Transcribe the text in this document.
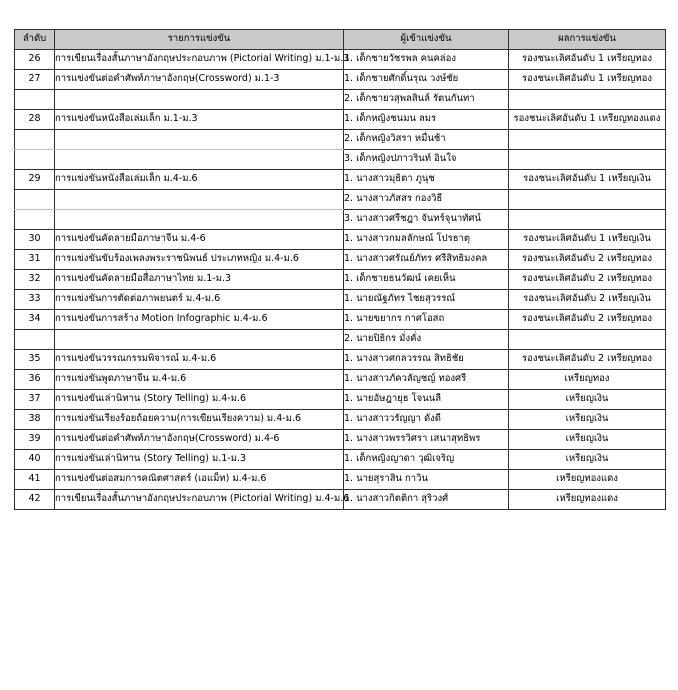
ลำดับ	รายการแข่งขัน	ผู้เข้าแข่งขัน	ผลการแข่งขัน
26	การเขียนเรื่องสั้นภาษาอังกฤษประกอบภาพ (Pictorial Writing) ม.1-ม.3	1. เด็กชายวัชรพล คนคล่อง	รองชนะเลิศอันดับ 1 เหรียญทอง
27	การแข่งขันต่อคำศัพท์ภาษาอังกฤษ(Crossword) ม.1-3	1. เด็กชายศักดิ์นรุณ วงษ์ชัย	รองชนะเลิศอันดับ 1 เหรียญทอง
		2. เด็กชายวสุพลสินล์ รัตนกันทา	
28	การแข่งขันหนังสือเล่มเล็ก ม.1-ม.3	1. เด็กหญิงชนมน ลมร	รองชนะเลิศอันดับ 1 เหรียญทองแดง
		2. เด็กหญิงวิสรา หมื่นช้า	
		3. เด็กหญิงปภาวรินท์ อินใจ	
29	การแข่งขันหนังสือเล่มเล็ก ม.4-ม.6	1. นางสาวมุธิตา ภูนุช	รองชนะเลิศอันดับ 1 เหรียญเงิน
		2. นางสาวภัสสร กองวิธี	
		3. นางสาวศรีชฎา จันทร์จุนาทัศน์	
30	การแข่งขันคัดลายมือภาษาจีน ม.4-6	1. นางสาวกมลลักษณ์ โปรธาตุ	รองชนะเลิศอันดับ 1 เหรียญเงิน
31	การแข่งขันขับร้องเพลงพระราชนิพนธ์ ประเภทหญิง ม.4-ม.6	1. นางสาวศรัณย์ภัทร ศรีสิทธิมงคล	รองชนะเลิศอันดับ 2 เหรียญทอง
32	การแข่งขันคัดลายมือสื่อภาษาไทย ม.1-ม.3	1. เด็กชายธนวัฒน์ เคยเห็น	รองชนะเลิศอันดับ 2 เหรียญทอง
33	การแข่งขันการตัดต่อภาพยนตร์ ม.4-ม.6	1. นายณัฐภัทร ไชยสุวรรณ์	รองชนะเลิศอันดับ 2 เหรียญเงิน
34	การแข่งขันการสร้าง Motion Infographic ม.4-ม.6	1. นายขยากร กาศโอสถ	รองชนะเลิศอันดับ 2 เหรียญทอง
		2. นายปิธิกร มั่งคั่ง	
35	การแข่งขันวรรณกรรมพิจารณ์ ม.4-ม.6	1. นางสาวศกลวรรณ สิทธิชัย	รองชนะเลิศอันดับ 2 เหรียญทอง
36	การแข่งขันพูดภาษาจีน ม.4-ม.6	1. นางสาวภัควลัญชญ์ ทองศรี	เหรียญทอง
37	การแข่งขันเล่านิทาน (Story Telling) ม.4-ม.6	1. นายอัษฎายุธ โจนนลี	เหรียญเงิน
38	การแข่งขันเรียงร้อยถ้อยความ(การเขียนเรียงความ) ม.4-ม.6	1. นางสาววรัญญา ดังดี	เหรียญเงิน
39	การแข่งขันต่อคำศัพท์ภาษาอังกฤษ(Crossword) ม.4-6	1. นางสาวพรรวิศรา เสนาสุทธิพร	เหรียญเงิน
40	การแข่งขันเล่านิทาน (Story Telling) ม.1-ม.3	1. เด็กหญิงญาดา วุฒิเจริญ	เหรียญเงิน
41	การแข่งขันต่อสมการคณิตศาสตร์ (เอแม็ท) ม.4-ม.6	1. นายสุราสิน กาวิน	เหรียญทองแดง
42	การเขียนเรื่องสั้นภาษาอังกฤษประกอบภาพ (Pictorial Writing) ม.4-ม.6	1. นางสาวกิตติกา สุริวงศ์	เหรียญทองแดง
